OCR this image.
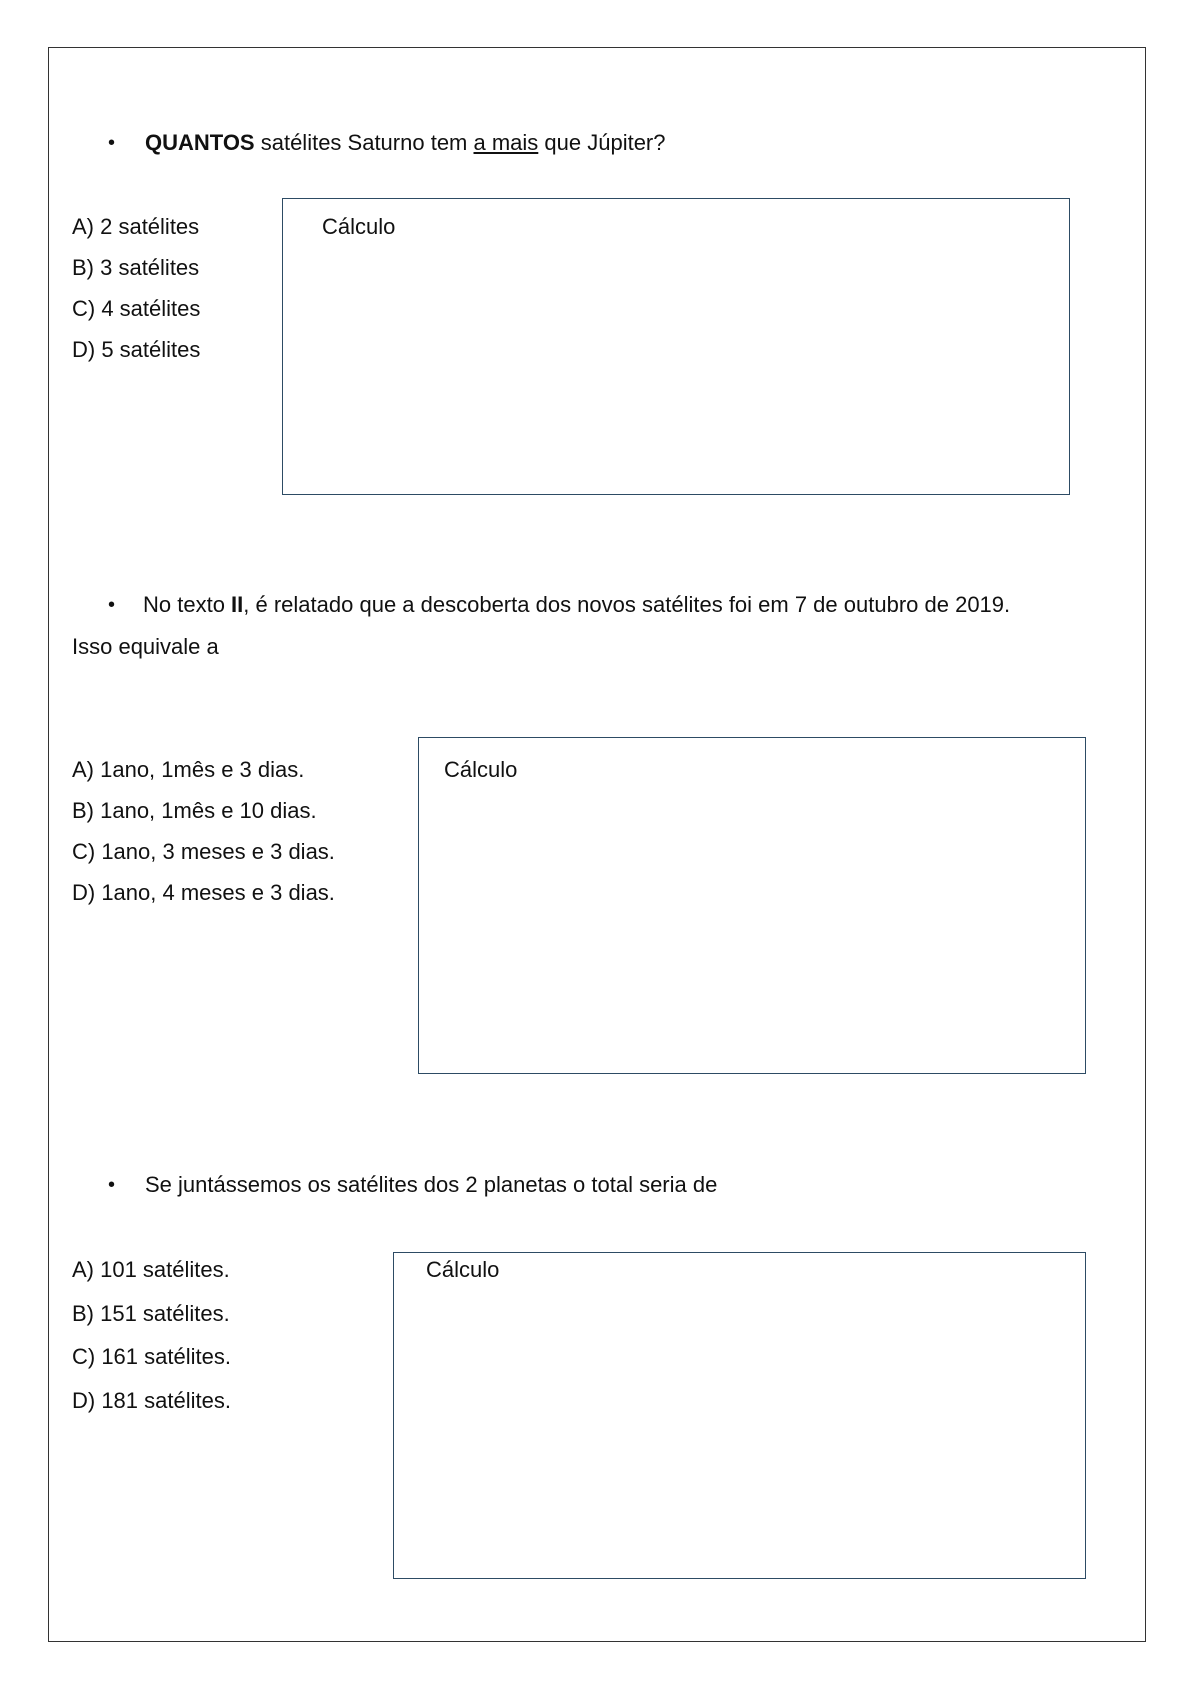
• QUANTOS satélites Saturno tem a mais que Júpiter?
A) 2 satélites
B) 3 satélites
C) 4 satélites
D) 5 satélites
Cálculo
• No texto II, é relatado que a descoberta dos novos satélites foi em 7 de outubro de 2019.
Isso equivale a
A) 1ano, 1mês e 3 dias.
B) 1ano, 1mês e 10 dias.
C) 1ano, 3 meses e 3 dias.
D) 1ano, 4 meses e 3 dias.
Cálculo
• Se juntássemos os satélites dos 2 planetas o total seria de
A) 101 satélites.
B) 151 satélites.
C) 161 satélites.
D) 181 satélites.
Cálculo
